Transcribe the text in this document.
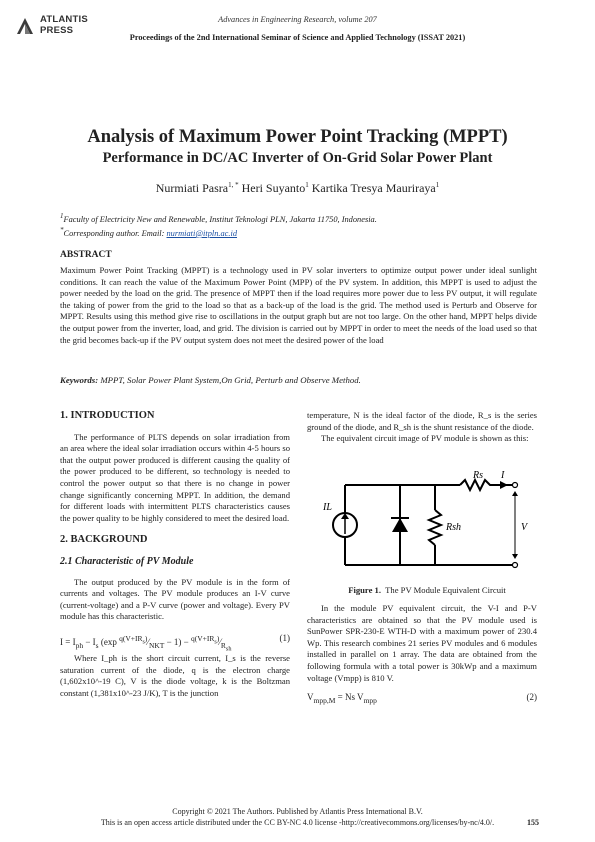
ATLANTIS
PRESS
Advances in Engineering Research, volume 207
Proceedings of the 2nd International Seminar of Science and Applied Technology (ISSAT 2021)
Analysis of Maximum Power Point Tracking (MPPT)
Performance in DC/AC Inverter of On-Grid Solar Power Plant
Nurmiati Pasra$^{1, *}$ Heri Suyanto$^1$ Kartika Tresya Mauriraya$^1$
$^1$Faculty of Electricity New and Renewable, Institut Teknologi PLN, Jakarta 11750, Indonesia.
*Corresponding author. Email: nurmiati@itpln.ac.id
ABSTRACT
Maximum Power Point Tracking (MPPT) is a technology used in PV solar inverters to optimize output power under ideal sunlight conditions. It can reach the value of the Maximum Power Point (MPP) of the PV system. In addition, this MPPT is used to adjust the power needed by the load on the grid. The presence of MPPT then if the load requires more power due to less PV output, it will regulate the taking of power from the grid to the load so that as a back-up of the load is the grid. The method used is Perturb and Observe for MPPT. Results using this method give rise to oscillations in the output graph but are not too large. On the other hand, MPPT helps divide the output power from the inverter, load, and grid. The division is carried out by MPPT in order to meet the needs of the load used so that the grid becomes back-up if the PV output system does not meet the desired power of the load
Keywords: MPPT, Solar Power Plant System,On Grid, Perturb and Observe Method.

1. INTRODUCTION

The performance of PLTS depends on solar irradiation from an area where the ideal solar irradiation occurs within 4-5 hours so that the output power produced is different causing the quality of the power produced to be different, so technology is needed to control the power output so that there is no change in power change significantly concerning MPPT. In addition, the demand for different loads with intermittent PLTS characteristics causes the power quality to be highly considered to meet the desired load.

2. BACKGROUND

2.1 Characteristic of PV Module

The output produced by the PV module is in the form of currents and voltages. The PV module produces an I-V curve (current-voltage) and a P-V curve (power and voltage). Every PV module has this characteristic.

$I = I_{ph} - I_s$ (exp $^{q(V+IR_s)}⁄_{NKT} - 1$) − $^{q(V+IR_s)}⁄_{R_{sh}}$
(1)

Where I_ph is the short circuit current, I_s is the reverse saturation current of the diode, q is the electron charge (1,602x10^-19 C), V is the diode voltage, k is the Boltzman constant (1,381x10^-23 J/K), T is the junction

temperature, N is the ideal factor of the diode, R_s is the series ground of the diode, and R_sh is the shunt resistance of the diode.

The equivalent circuit image of PV module is shown as this:

IL
Rs I
Rsh	V
Figure 1. The PV Module Equivalent Circuit

In the module PV equivalent circuit, the V-I and P-V characteristics are obtained so that the PV module used is SunPower SPR-230-E WTH-D with a maximum power of 230.4 Wp. This research combines 21 series PV modules and 6 modules installed in parallel on 1 array. The data are obtained from the following formula with a total power is 30kWp and a maximum voltage (Vmpp) is 810 V.

$V_{mpp,M} = Ns$ $V_{mpp}$	(2)
Copyright © 2021 The Authors. Published by Atlantis Press International B.V.
This is an open access article distributed under the CC BY-NC 4.0 license -http://creativecommons.org/licenses/by-nc/4.0/.	155
